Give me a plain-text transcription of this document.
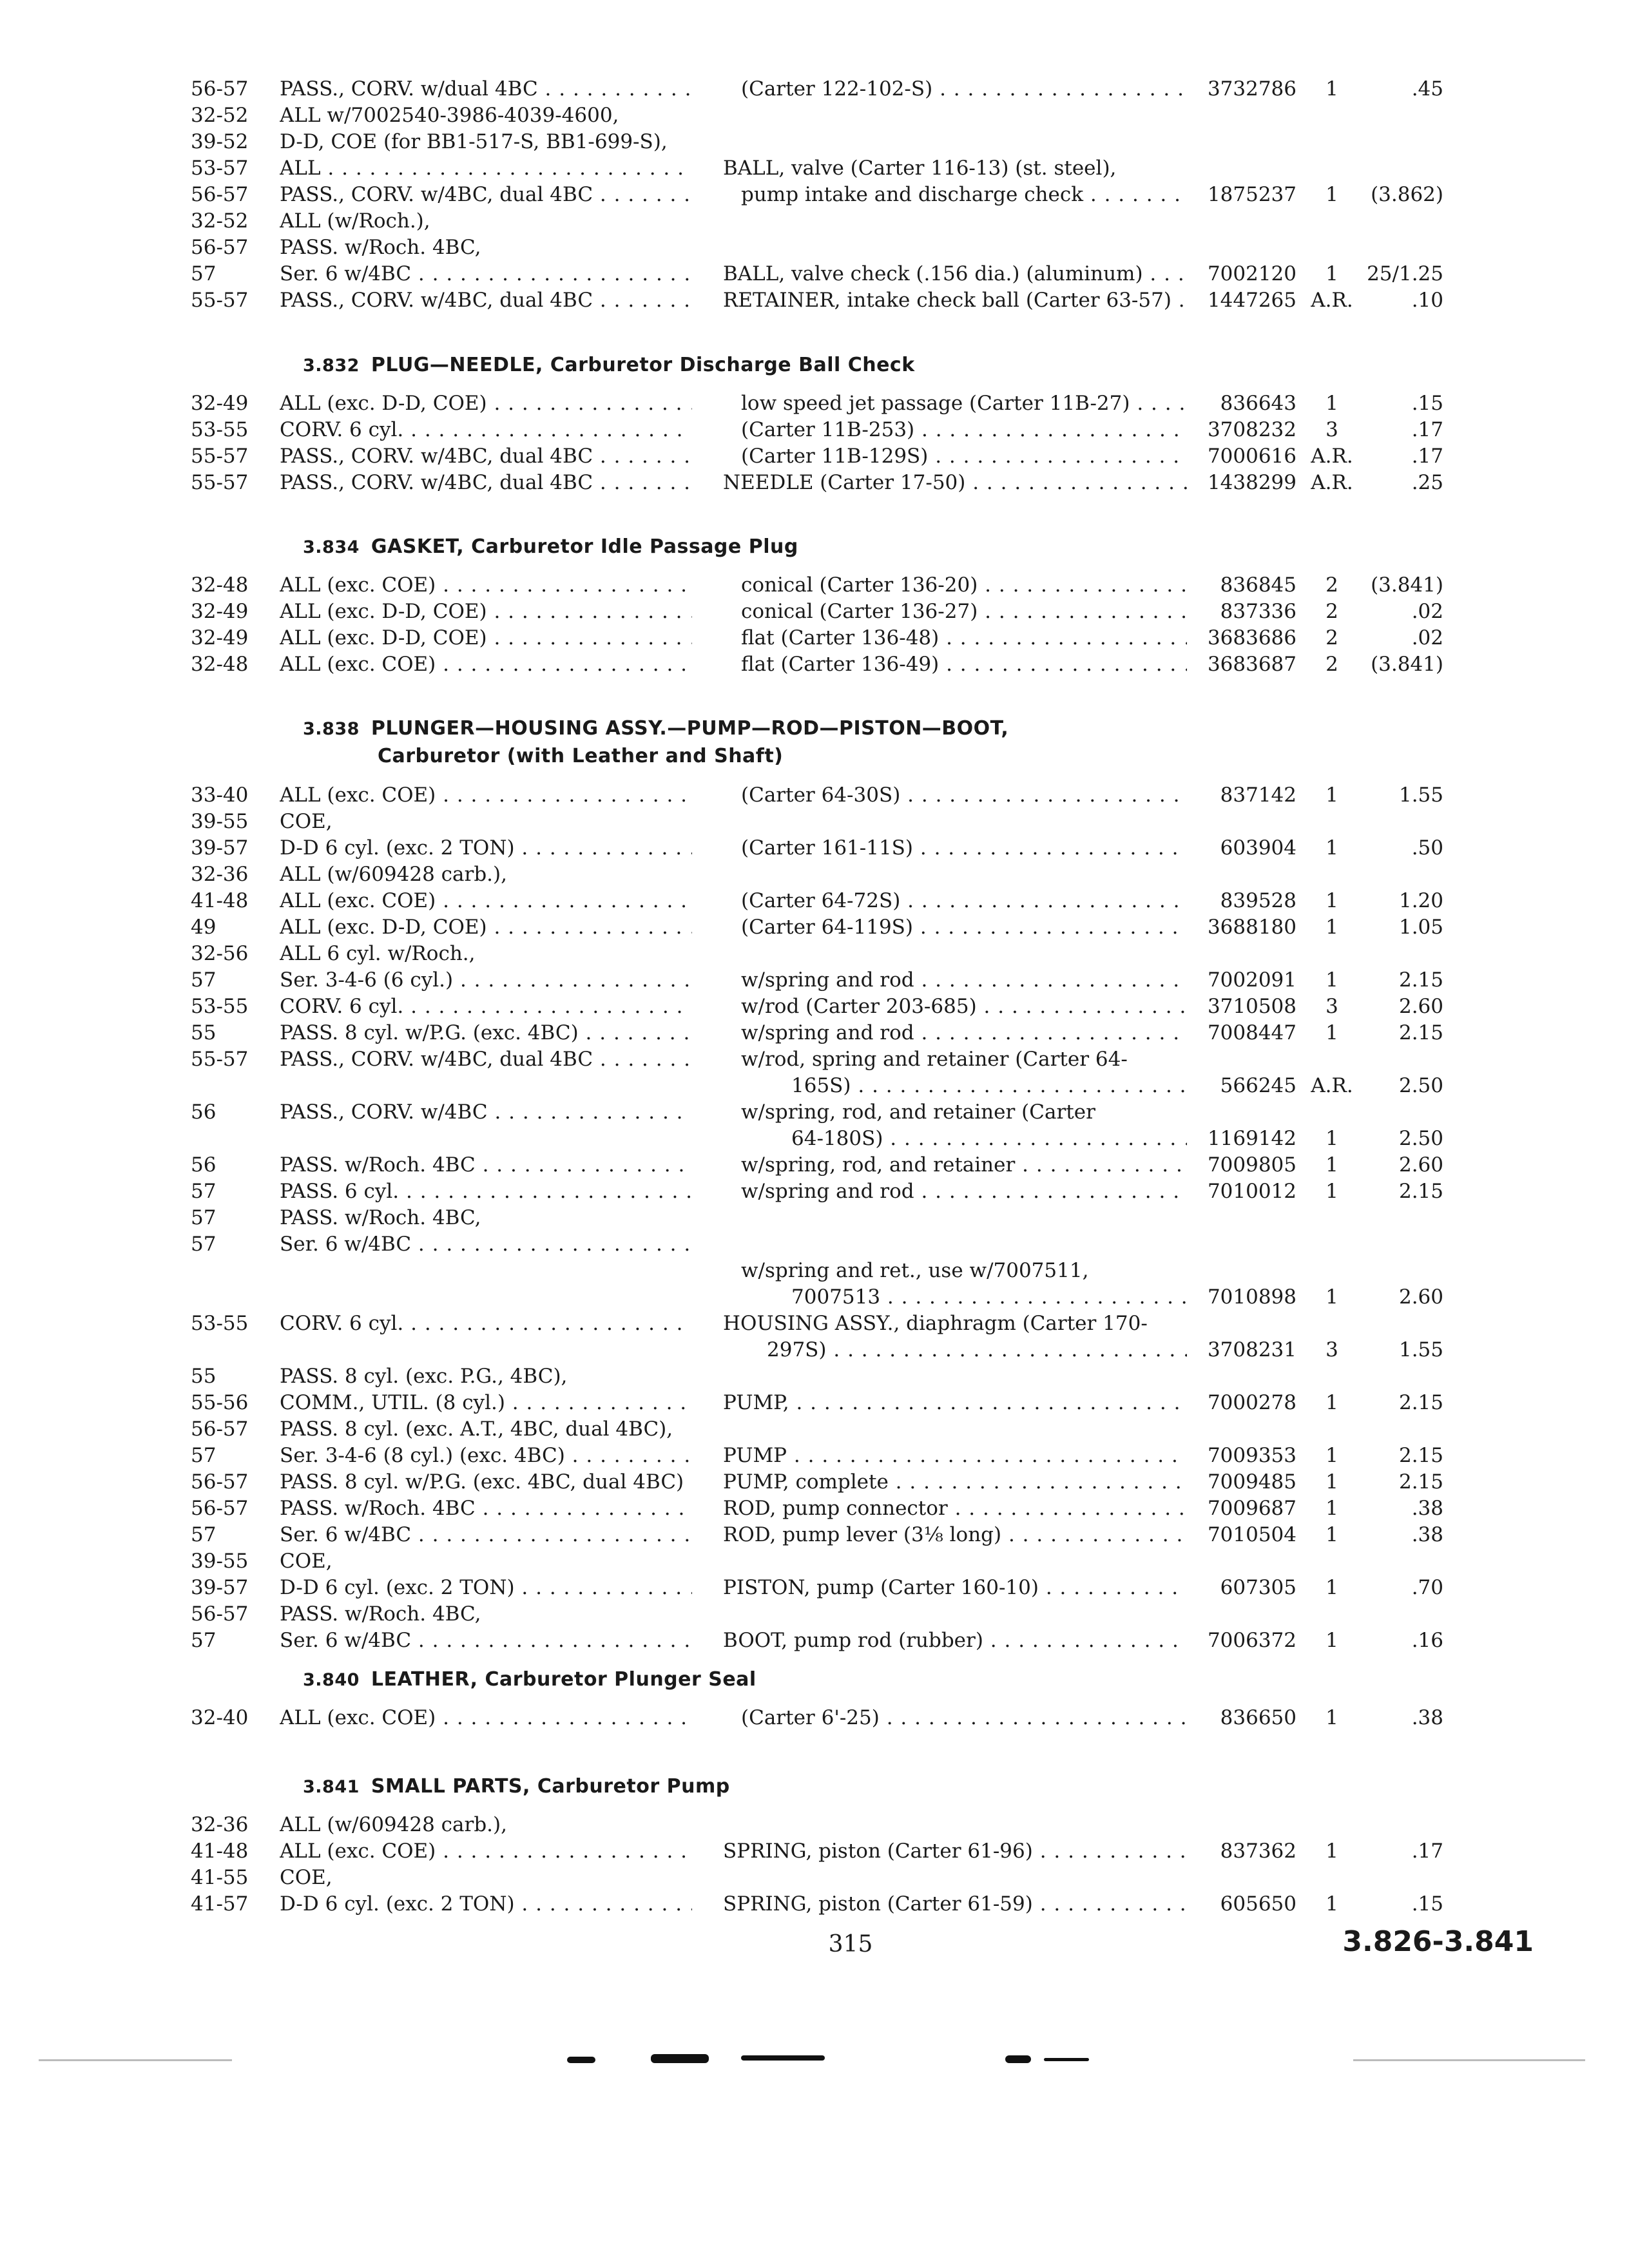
56-57	PASS., CORV. w/dual 4BC . . .	(Carter 122-102-S) . . .	3732786	1	.45
32-52	ALL w/7002540-3986-4039-4600,
39-52	D-D, COE (for BB1-517-S, BB1-699-S),
53-57	ALL . . .	BALL, valve (Carter 116-13) (st. steel),
56-57	PASS., CORV. w/4BC, dual 4BC . . .	pump intake and discharge check . . .	1875237	1	(3.862)
32-52	ALL (w/Roch.),
56-57	PASS. w/Roch. 4BC,
57	Ser. 6 w/4BC . . .	BALL, valve check (.156 dia.) (aluminum) . . .	7002120	1	25/1.25
55-57	PASS., CORV. w/4BC, dual 4BC . . .	RETAINER, intake check ball (Carter 63-57) . . .	1447265 A.R.	.10
3.832 PLUG—NEEDLE, Carburetor Discharge Ball Check
32-49	ALL (exc. D-D, COE) . . .	low speed jet passage (Carter 11B-27) . . .	836643	1	.15
53-55	CORV. 6 cyl. . . .	(Carter 11B-253) . . .	3708232	3	.17
55-57	PASS., CORV. w/4BC, dual 4BC . . .	(Carter 11B-129S) . . .	7000616 A.R.	.17
55-57	PASS., CORV. w/4BC, dual 4BC . . .	NEEDLE (Carter 17-50) . . .	1438299 A.R.	.25
3.834 GASKET, Carburetor Idle Passage Plug
32-48	ALL (exc. COE) . . .	conical (Carter 136-20) . . .	836845	2	(3.841)
32-49	ALL (exc. D-D, COE) . . .	conical (Carter 136-27) . . .	837336	2	.02
32-49	ALL (exc. D-D, COE) . . .	flat (Carter 136-48) . . .	3683686	2	.02
32-48	ALL (exc. COE) . . .	flat (Carter 136-49) . . .	3683687	2	(3.841)
3.838 PLUNGER—HOUSING ASSY.—PUMP—ROD—PISTON—BOOT,
Carburetor (with Leather and Shaft)
33-40	ALL (exc. COE) . . .	(Carter 64-30S) . . .	837142	1	1.55
39-55	COE,
39-57	D-D 6 cyl. (exc. 2 TON) . . .	(Carter 161-11S) . . .	603904	1	.50
32-36	ALL (w/609428 carb.),
41-48	ALL (exc. COE) . . .	(Carter 64-72S) . . .	839528	1	1.20
49	ALL (exc. D-D, COE) . . .	(Carter 64-119S) . . .	3688180	1	1.05
32-56	ALL 6 cyl. w/Roch.,
57	Ser. 3-4-6 (6 cyl.) . . .	w/spring and rod . . .	7002091	1	2.15
53-55	CORV. 6 cyl. . . .	w/rod (Carter 203-685) . . .	3710508	3	2.60
55	PASS. 8 cyl. w/P.G. (exc. 4BC) . . .	w/spring and rod . . .	7008447	1	2.15
55-57	PASS., CORV. w/4BC, dual 4BC . . .	w/rod, spring and retainer (Carter 64-
165S) . . .	566245 A.R.	2.50
56	PASS., CORV. w/4BC . . .	w/spring, rod, and retainer (Carter
64-180S) . . .	1169142	1	2.50
56	PASS. w/Roch. 4BC . . .	w/spring, rod, and retainer . . .	7009805	1	2.60
57	PASS. 6 cyl. . . .	w/spring and rod . . .	7010012	1	2.15
57	PASS. w/Roch. 4BC,
57	Ser. 6 w/4BC . . .
w/spring and ret., use w/7007511,
7007513 . . .	7010898	1	2.60
53-55	CORV. 6 cyl. . . .	HOUSING ASSY., diaphragm (Carter 170-
297S) . . .	3708231	3	1.55
55	PASS. 8 cyl. (exc. P.G., 4BC),
55-56	COMM., UTIL. (8 cyl.) . . .	PUMP, . . .	7000278	1	2.15
56-57	PASS. 8 cyl. (exc. A.T., 4BC, dual 4BC),
57	Ser. 3-4-6 (8 cyl.) (exc. 4BC) . . .	PUMP . . .	7009353	1	2.15
56-57	PASS. 8 cyl. w/P.G. (exc. 4BC, dual 4BC)	PUMP, complete . . .	7009485	1	2.15
56-57	PASS. w/Roch. 4BC . . .	ROD, pump connector . . .	7009687	1	.38
57	Ser. 6 w/4BC . . .	ROD, pump lever (3⅛ long) . . .	7010504	1	.38
39-55	COE,
39-57	D-D 6 cyl. (exc. 2 TON) . . .	PISTON, pump (Carter 160-10) . . .	607305	1	.70
56-57	PASS. w/Roch. 4BC,
57	Ser. 6 w/4BC . . .	BOOT, pump rod (rubber) . . .	7006372	1	.16
3.840 LEATHER, Carburetor Plunger Seal
32-40	ALL (exc. COE) . . .	(Carter 6'-25) . . .	836650	1	.38
3.841 SMALL PARTS, Carburetor Pump
32-36	ALL (w/609428 carb.),
41-48	ALL (exc. COE) . . .	SPRING, piston (Carter 61-96) . . .	837362	1	.17
41-55	COE,
41-57	D-D 6 cyl. (exc. 2 TON) . . .	SPRING, piston (Carter 61-59) . . .	605650	1	.15
315	3.826-3.841
